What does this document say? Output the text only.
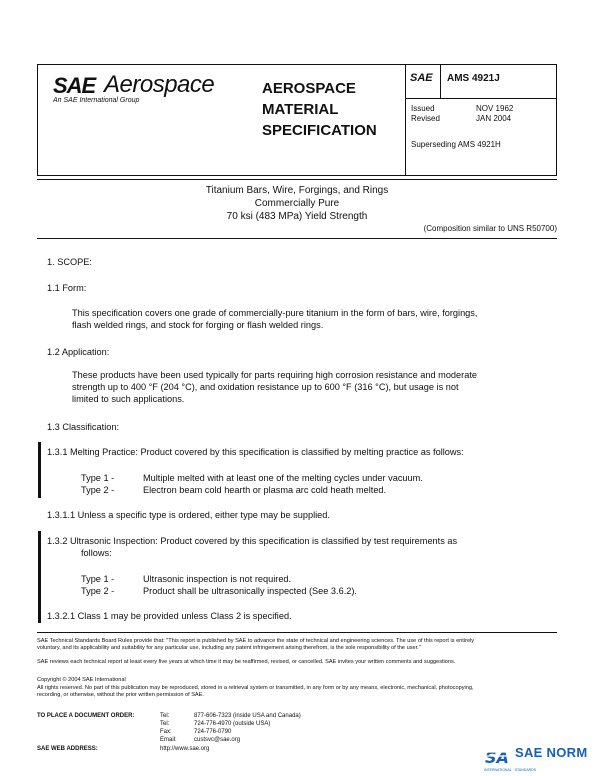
SAE Aerospace
An SAE International Group
AEROSPACE
MATERIAL
SPECIFICATION
SAE AMS 4921J
Issued	NOV 1962
Revised	JAN 2004
Superseding AMS 4921H
Titanium Bars, Wire, Forgings, and Rings
Commercially Pure
70 ksi (483 MPa) Yield Strength
(Composition similar to UNS R50700)
1. SCOPE:
1.1 Form:
This specification covers one grade of commercially-pure titanium in the form of bars, wire, forgings,
flash welded rings, and stock for forging or flash welded rings.
1.2 Application:
These products have been used typically for parts requiring high corrosion resistance and moderate
strength up to 400 °F (204 °C), and oxidation resistance up to 600 °F (316 °C), but usage is not
limited to such applications.
1.3 Classification:
1.3.1 Melting Practice: Product covered by this specification is classified by melting practice as follows:
Type 1 -	Multiple melted with at least one of the melting cycles under vacuum.
Type 2 -	Electron beam cold hearth or plasma arc cold heath melted.
1.3.1.1 Unless a specific type is ordered, either type may be supplied.
1.3.2 Ultrasonic Inspection: Product covered by this specification is classified by test requirements as
follows:
Type 1 -	Ultrasonic inspection is not required.
Type 2 -	Product shall be ultrasonically inspected (See 3.6.2).
1.3.2.1 Class 1 may be provided unless Class 2 is specified.
SAE Technical Standards Board Rules provide that: "This report is published by SAE to advance the state of technical and engineering sciences. The use of this report is entirely
voluntary, and its applicability and suitability for any particular use, including any patent infringement arising therefrom, is the sole responsibility of the user."
SAE reviews each technical report at least every five years at which time it may be reaffirmed, revised, or cancelled. SAE invites your written comments and suggestions.
Copyright © 2004 SAE International
All rights reserved. No part of this publication may be reproduced, stored in a retrieval system or transmitted, in any form or by any means, electronic, mechanical, photocopying,
recording, or otherwise, without the prior written permission of SAE.
TO PLACE A DOCUMENT ORDER:	Tel:	877-606-7323 (inside USA and Canada)
Tel:	724-776-4970 (outside USA)
Fax:	724-776-0790
Email:	custsvc@sae.org
SAE WEB ADDRESS:	http://www.sae.org	SA SAE NORM
INTERNATIONAL · STANDARDS
